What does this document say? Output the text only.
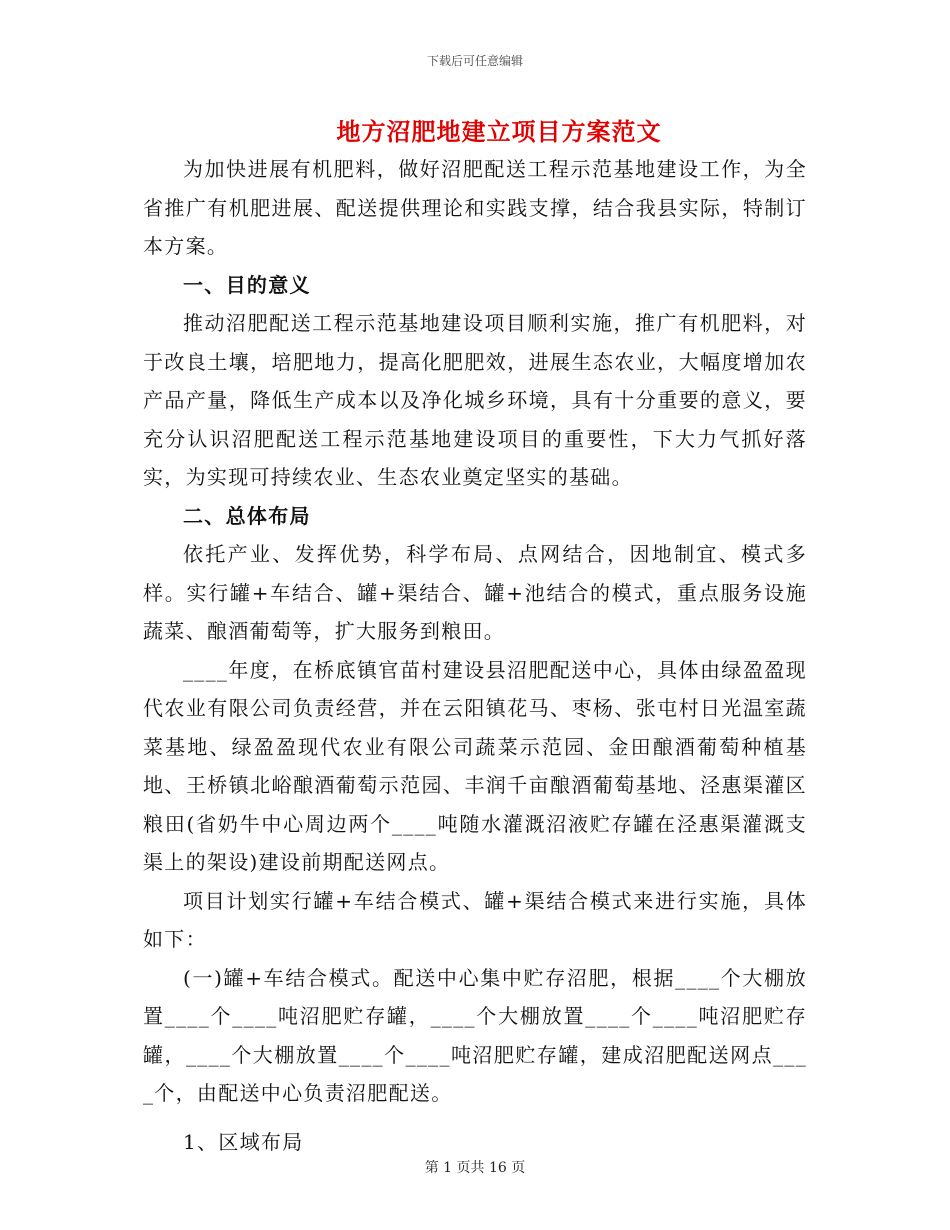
下载后可任意编辑
地方沼肥地建立项目方案范文

为加快进展有机肥料，做好沼肥配送工程示范基地建设工作，为全省推广有机肥进展、配送提供理论和实践支撑，结合我县实际，特制订本方案。

一、目的意义

推动沼肥配送工程示范基地建设项目顺利实施，推广有机肥料，对于改良土壤，培肥地力，提高化肥肥效，进展生态农业，大幅度增加农产品产量，降低生产成本以及净化城乡环境，具有十分重要的意义，要充分认识沼肥配送工程示范基地建设项目的重要性，下大力气抓好落实，为实现可持续农业、生态农业奠定坚实的基础。

二、总体布局

依托产业、发挥优势，科学布局、点网结合，因地制宜、模式多样。实行罐+车结合、罐+渠结合、罐+池结合的模式，重点服务设施蔬菜、酿酒葡萄等，扩大服务到粮田。

____年度，在桥底镇官苗村建设县沼肥配送中心，具体由绿盈盈现代农业有限公司负责经营，并在云阳镇花马、枣杨、张屯村日光温室蔬菜基地、绿盈盈现代农业有限公司蔬菜示范园、金田酿酒葡萄种植基地、王桥镇北峪酿酒葡萄示范园、丰润千亩酿酒葡萄基地、泾惠渠灌区粮田(省奶牛中心周边两个____吨随水灌溉沼液贮存罐在泾惠渠灌溉支渠上的架设)建设前期配送网点。

项目计划实行罐+车结合模式、罐+渠结合模式来进行实施，具体如下：

(一)罐+车结合模式。配送中心集中贮存沼肥，根据____个大棚放置____个____吨沼肥贮存罐，____个大棚放置____个____吨沼肥贮存罐，____个大棚放置____个____吨沼肥贮存罐，建成沼肥配送网点____个，由配送中心负责沼肥配送。

1、区域布局

第 1 页共 16 页
